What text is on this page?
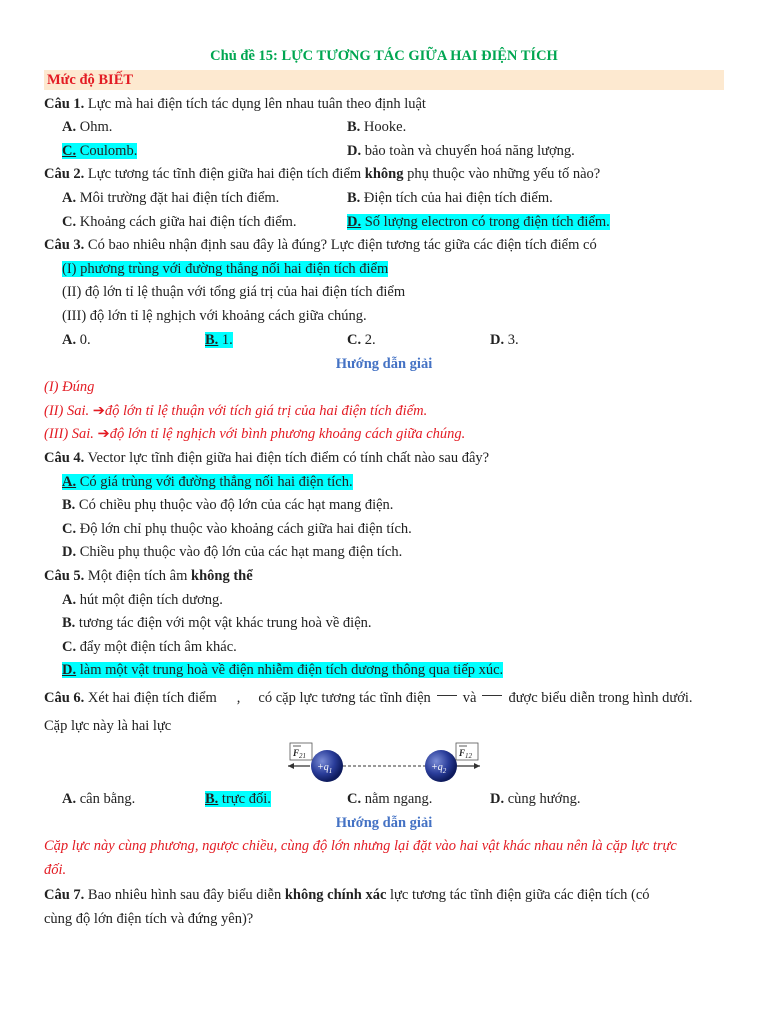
Chủ đề 15: LỰC TƯƠNG TÁC GIỮA HAI ĐIỆN TÍCH
Mức độ BIẾT
Câu 1. Lực mà hai điện tích tác dụng lên nhau tuân theo định luật
A. Ohm.	B. Hooke.
C. Coulomb.	D. bảo toàn và chuyển hoá năng lượng.
Câu 2. Lực tương tác tĩnh điện giữa hai điện tích điểm không phụ thuộc vào những yếu tố nào?
A. Môi trường đặt hai điện tích điểm.	B. Điện tích của hai điện tích điểm.
C. Khoảng cách giữa hai điện tích điểm.	D. Số lượng electron có trong điện tích điểm.
Câu 3. Có bao nhiêu nhận định sau đây là đúng? Lực điện tương tác giữa các điện tích điểm có
(I) phương trùng với đường thẳng nối hai điện tích điểm
(II) độ lớn tỉ lệ thuận với tổng giá trị của hai điện tích điểm
(III) độ lớn tỉ lệ nghịch với khoảng cách giữa chúng.
A. 0.	B. 1.	C. 2.	D. 3.
Hướng dẫn giải
(I) Đúng
(II) Sai. ➔độ lớn tỉ lệ thuận với tích giá trị của hai điện tích điểm.
(III) Sai. ➔độ lớn tỉ lệ nghịch với bình phương khoảng cách giữa chúng.
Câu 4. Vector lực tĩnh điện giữa hai điện tích điểm có tính chất nào sau đây?
A. Có giá trùng với đường thẳng nối hai điện tích.
B. Có chiều phụ thuộc vào độ lớn của các hạt mang điện.
C. Độ lớn chỉ phụ thuộc vào khoảng cách giữa hai điện tích.
D. Chiều phụ thuộc vào độ lớn của các hạt mang điện tích.
Câu 5. Một điện tích âm không thể
A. hút một điện tích dương.
B. tương tác điện với một vật khác trung hoà về điện.
C. đẩy một điện tích âm khác.
D. làm một vật trung hoà về điện nhiễm điện tích dương thông qua tiếp xúc.
Câu 6. Xét hai điện tích điểm , có cặp lực tương tác tĩnh điện và được biểu diễn trong hình dưới.
Cặp lực này là hai lực
$+q_1$	$+q_2$
$F_{21}$	$F_{12}$
A. cân bằng.	B. trực đối.	C. nằm ngang.	D. cùng hướng.
Hướng dẫn giải
Cặp lực này cùng phương, ngược chiều, cùng độ lớn nhưng lại đặt vào hai vật khác nhau nên là cặp lực trực
đối.
Câu 7. Bao nhiêu hình sau đây biểu diễn không chính xác lực tương tác tĩnh điện giữa các điện tích (có
cùng độ lớn điện tích và đứng yên)?
